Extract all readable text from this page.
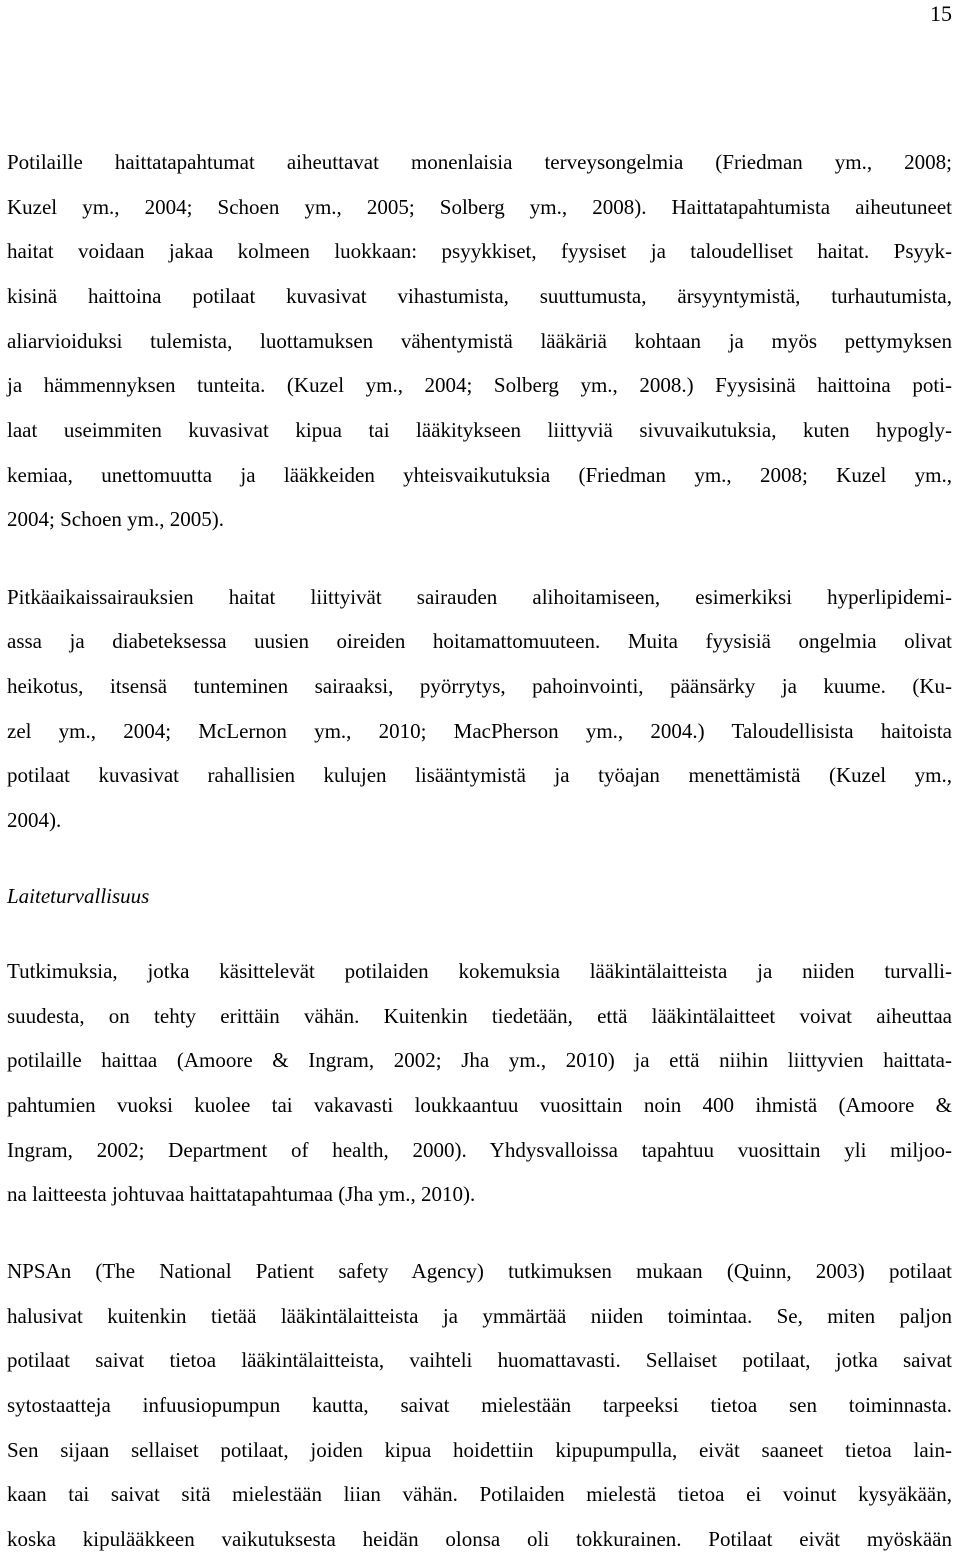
15
Potilaille haittatapahtumat aiheuttavat monenlaisia terveysongelmia (Friedman ym., 2008;
Kuzel ym., 2004; Schoen ym., 2005; Solberg ym., 2008). Haittatapahtumista aiheutuneet
haitat voidaan jakaa kolmeen luokkaan: psyykkiset, fyysiset ja taloudelliset haitat. Psyyk-
kisinä haittoina potilaat kuvasivat vihastumista, suuttumusta, ärsyyntymistä, turhautumista,
aliarvioiduksi tulemista, luottamuksen vähentymistä lääkäriä kohtaan ja myös pettymyksen
ja hämmennyksen tunteita. (Kuzel ym., 2004; Solberg ym., 2008.) Fyysisinä haittoina poti-
laat useimmiten kuvasivat kipua tai lääkitykseen liittyviä sivuvaikutuksia, kuten hypogly-
kemiaa, unettomuutta ja lääkkeiden yhteisvaikutuksia (Friedman ym., 2008; Kuzel ym.,
2004; Schoen ym., 2005).
Pitkäaikaissairauksien haitat liittyivät sairauden alihoitamiseen, esimerkiksi hyperlipidemi-
assa ja diabeteksessa uusien oireiden hoitamattomuuteen. Muita fyysisiä ongelmia olivat
heikotus, itsensä tunteminen sairaaksi, pyörrytys, pahoinvointi, päänsärky ja kuume. (Ku-
zel ym., 2004; McLernon ym., 2010; MacPherson ym., 2004.) Taloudellisista haitoista
potilaat kuvasivat rahallisien kulujen lisääntymistä ja työajan menettämistä (Kuzel ym.,
2004).
Laiteturvallisuus
Tutkimuksia, jotka käsittelevät potilaiden kokemuksia lääkintälaitteista ja niiden turvalli-
suudesta, on tehty erittäin vähän. Kuitenkin tiedetään, että lääkintälaitteet voivat aiheuttaa
potilaille haittaa (Amoore & Ingram, 2002; Jha ym., 2010) ja että niihin liittyvien haittata-
pahtumien vuoksi kuolee tai vakavasti loukkaantuu vuosittain noin 400 ihmistä (Amoore &
Ingram, 2002; Department of health, 2000). Yhdysvalloissa tapahtuu vuosittain yli miljoo-
na laitteesta johtuvaa haittatapahtumaa (Jha ym., 2010).
NPSAn (The National Patient safety Agency) tutkimuksen mukaan (Quinn, 2003) potilaat
halusivat kuitenkin tietää lääkintälaitteista ja ymmärtää niiden toimintaa. Se, miten paljon
potilaat saivat tietoa lääkintälaitteista, vaihteli huomattavasti. Sellaiset potilaat, jotka saivat
sytostaatteja infuusiopumpun kautta, saivat mielestään tarpeeksi tietoa sen toiminnasta.
Sen sijaan sellaiset potilaat, joiden kipua hoidettiin kipupumpulla, eivät saaneet tietoa lain-
kaan tai saivat sitä mielestään liian vähän. Potilaiden mielestä tietoa ei voinut kysyäkään,
koska kipulääkkeen vaikutuksesta heidän olonsa oli tokkurainen. Potilaat eivät myöskään
